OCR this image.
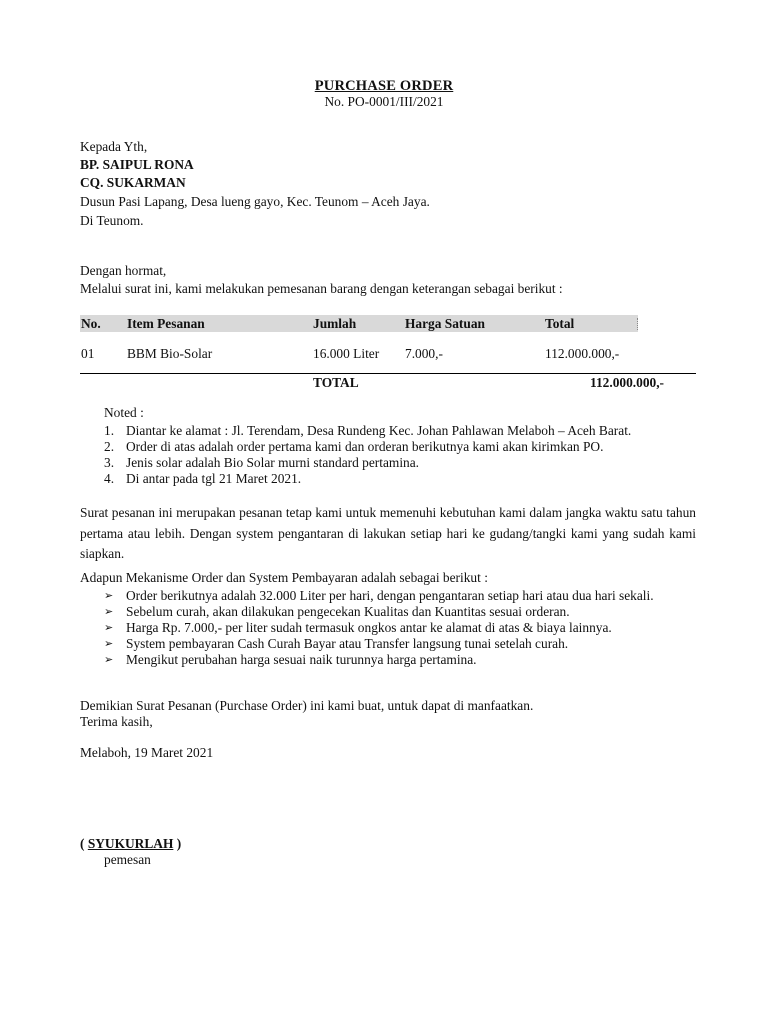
PURCHASE ORDER
No. PO-0001/III/2021
Kepada Yth,
BP. SAIPUL RONA
CQ. SUKARMAN
Dusun Pasi Lapang, Desa lueng gayo, Kec. Teunom – Aceh Jaya.
Di Teunom.
Dengan hormat,
Melalui surat ini, kami melakukan pemesanan barang dengan keterangan sebagai berikut :
No. Item Pesanan	Jumlah	Harga Satuan	Total
01 BBM Bio-Solar	16.000 Liter 7.000,-	112.000.000,-
TOTAL	112.000.000,-
Noted :
1. Diantar ke alamat : Jl. Terendam, Desa Rundeng Kec. Johan Pahlawan Melaboh – Aceh Barat.
2. Order di atas adalah order pertama kami dan orderan berikutnya kami akan kirimkan PO.
3. Jenis solar adalah Bio Solar murni standard pertamina.
4. Di antar pada tgl 21 Maret 2021.
Surat pesanan ini merupakan pesanan tetap kami untuk memenuhi kebutuhan kami dalam jangka waktu satu tahun pertama atau lebih. Dengan system pengantaran di lakukan setiap hari ke gudang/tangki kami yang sudah kami siapkan.
Adapun Mekanisme Order dan System Pembayaran adalah sebagai berikut :
➢ Order berikutnya adalah 32.000 Liter per hari, dengan pengantaran setiap hari atau dua hari sekali.
➢ Sebelum curah, akan dilakukan pengecekan Kualitas dan Kuantitas sesuai orderan.
➢ Harga Rp. 7.000,- per liter sudah termasuk ongkos antar ke alamat di atas & biaya lainnya.
➢ System pembayaran Cash Curah Bayar atau Transfer langsung tunai setelah curah.
➢ Mengikut perubahan harga sesuai naik turunnya harga pertamina.
Demikian Surat Pesanan (Purchase Order) ini kami buat, untuk dapat di manfaatkan.
Terima kasih,
Melaboh, 19 Maret 2021
( SYUKURLAH )
pemesan
